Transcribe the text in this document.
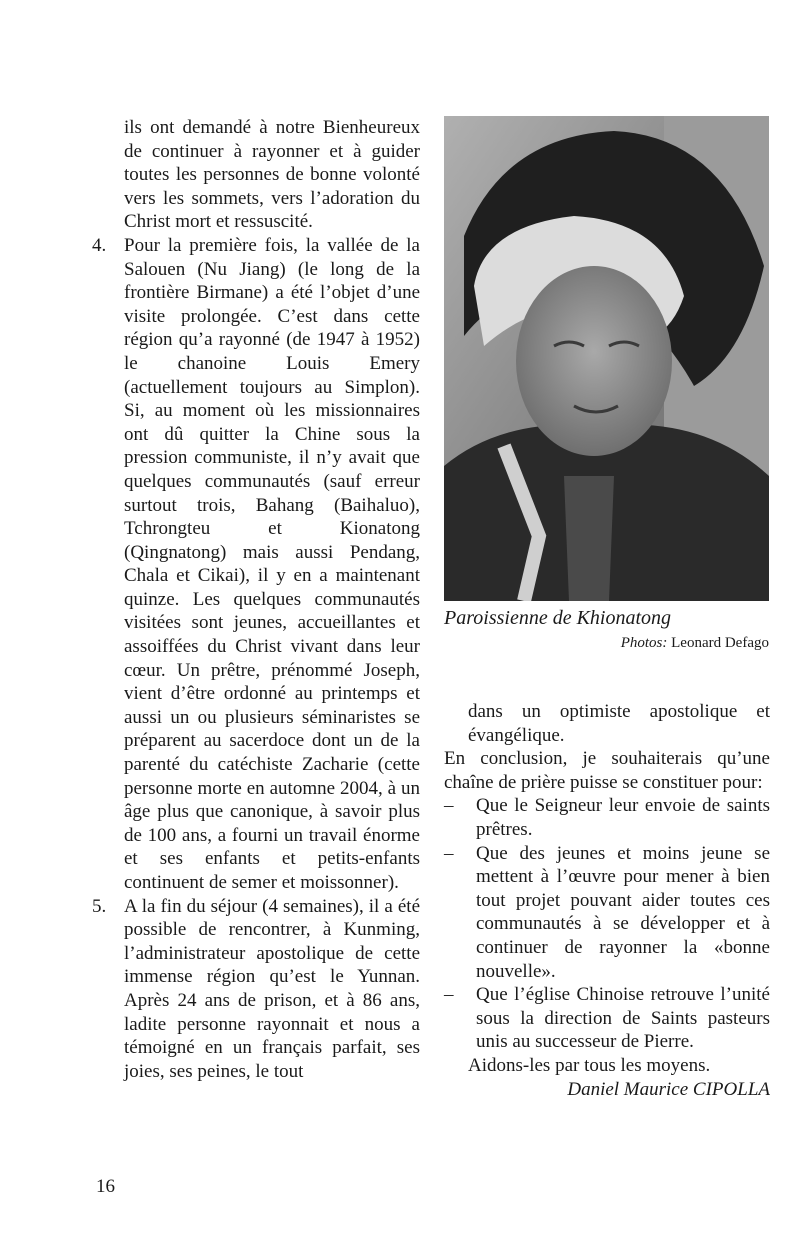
ils ont demandé à notre Bienheureux de continuer à rayonner et à guider toutes les personnes de bonne volonté vers les sommets, vers l’adoration du Christ mort et ressuscité.
4. Pour la première fois, la vallée de la Salouen (Nu Jiang) (le long de la frontière Birmane) a été l’objet d’une visite prolongée. C’est dans cette région qu’a rayonné (de 1947 à 1952) le chanoine Louis Emery (actuellement toujours au Simplon). Si, au moment où les missionnaires ont dû quitter la Chine sous la pression communiste, il n’y avait que quelques communautés (sauf erreur surtout trois, Bahang (Baihaluo), Tchrongteu et Kionatong (Qingnatong) mais aussi Pendang, Chala et Cikai), il y en a maintenant quinze. Les quelques communautés visitées sont jeunes, accueillantes et assoiffées du Christ vivant dans leur cœur. Un prêtre, prénommé Joseph, vient d’être ordonné au printemps et aussi un ou plusieurs séminaristes se préparent au sacerdoce dont un de la parenté du catéchiste Zacharie (cette personne morte en automne 2004, à un âge plus que canonique, à savoir plus de 100 ans, a fourni un travail énorme et ses enfants et petits-enfants continuent de semer et moissonner).
5. A la fin du séjour (4 semaines), il a été possible de rencontrer, à Kunming, l’administrateur apostolique de cette immense région qu’est le Yunnan. Après 24 ans de prison, et à 86 ans, ladite personne rayonnait et nous a témoigné en un français parfait, ses joies, ses peines, le tout
Paroissienne de Khionatong
Photos: Leonard Defago
dans un optimiste apostolique et évangélique.
En conclusion, je souhaiterais qu’une chaîne de prière puisse se constituer pour:
– Que le Seigneur leur envoie de saints prêtres.
– Que des jeunes et moins jeune se mettent à l’œuvre pour mener à bien tout projet pouvant aider toutes ces communautés à se développer et à continuer de rayonner la «bonne nouvelle».
– Que l’église Chinoise retrouve l’unité sous la direction de Saints pasteurs unis au successeur de Pierre.
Aidons-les par tous les moyens.
Daniel Maurice CIPOLLA
16
